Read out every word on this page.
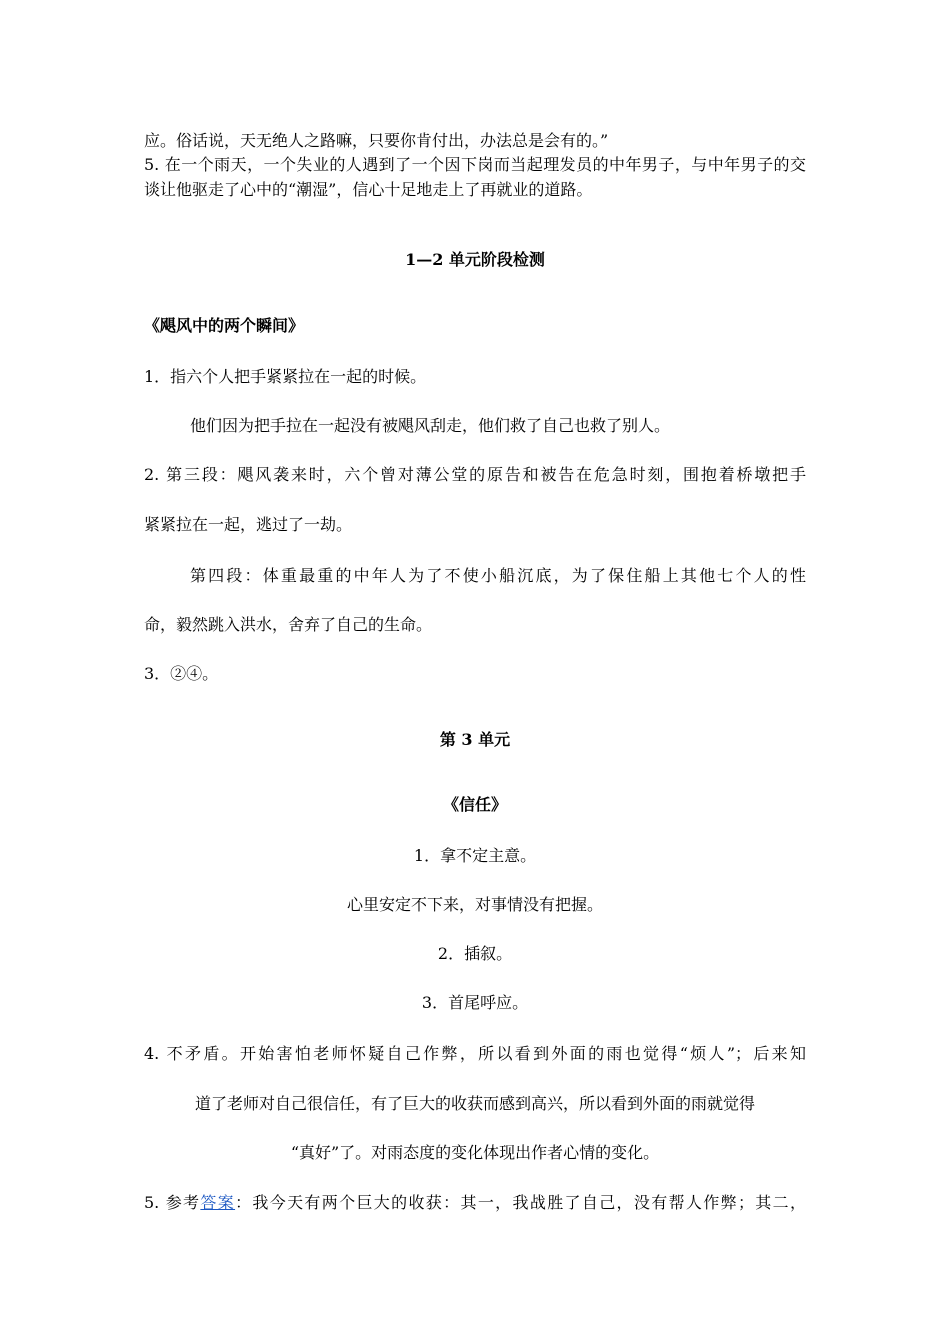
应。俗话说，天无绝人之路嘛，只要你肯付出，办法总是会有的。”
5. 在一个雨天，一个失业的人遇到了一个因下岗而当起理发员的中年男子，与中年男子的交
谈让他驱走了心中的“潮湿”，信心十足地走上了再就业的道路。
1—2 单元阶段检测
《飓风中的两个瞬间》
1．指六个人把手紧紧拉在一起的时候。
他们因为把手拉在一起没有被飓风刮走，他们救了自己也救了别人。
2. 第三段：飓风袭来时，六个曾对薄公堂的原告和被告在危急时刻，围抱着桥墩把手
紧紧拉在一起，逃过了一劫。
第四段：体重最重的中年人为了不使小船沉底，为了保住船上其他七个人的性
命，毅然跳入洪水，舍弃了自己的生命。
3．②④。
第 3 单元
《信任》
1．拿不定主意。
心里安定不下来，对事情没有把握。
2．插叙。
3．首尾呼应。
4. 不矛盾。开始害怕老师怀疑自己作弊，所以看到外面的雨也觉得“烦人”；后来知
道了老师对自己很信任，有了巨大的收获而感到高兴，所以看到外面的雨就觉得
“真好”了。对雨态度的变化体现出作者心情的变化。
5. 参考答案：我今天有两个巨大的收获：其一，我战胜了自己，没有帮人作弊；其二，
